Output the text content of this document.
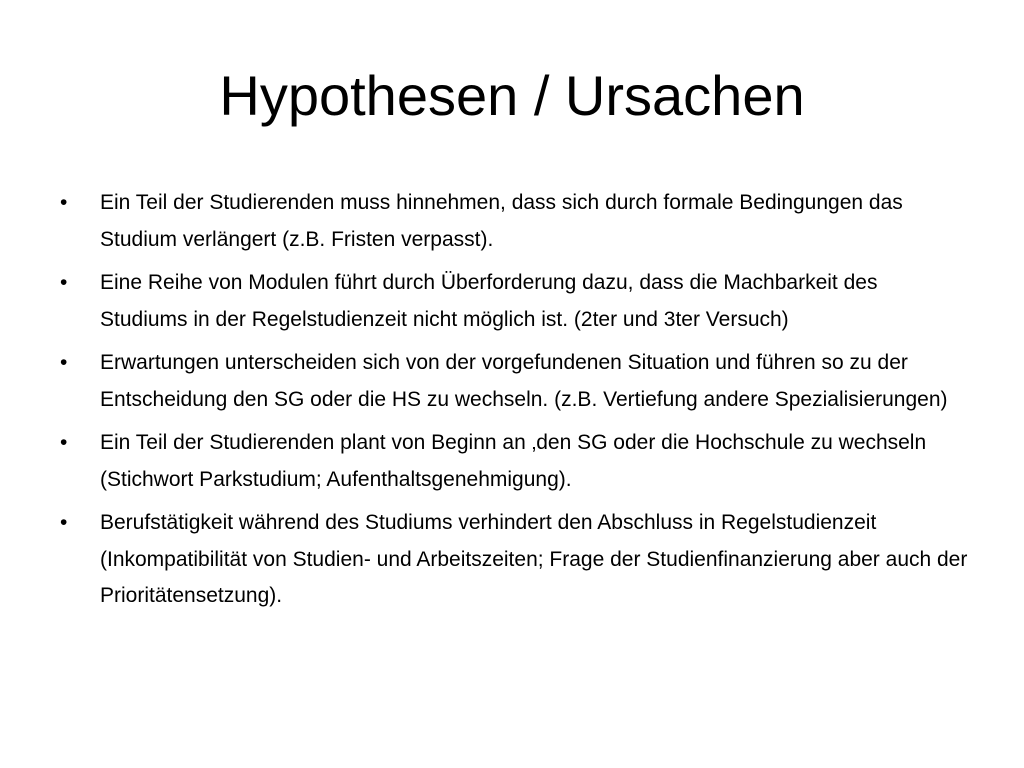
Hypothesen / Ursachen
•	Ein Teil der Studierenden muss hinnehmen, dass sich durch formale Bedingungen das Studium verlängert (z.B. Fristen verpasst).
•	Eine Reihe von Modulen führt durch Überforderung dazu, dass die Machbarkeit des Studiums in der Regelstudienzeit nicht möglich ist. (2ter und 3ter Versuch)
•	Erwartungen unterscheiden sich von der vorgefundenen Situation und führen so zu der Entscheidung den SG oder die HS zu wechseln. (z.B. Vertiefung andere Spezialisierungen)
•	Ein Teil der Studierenden plant von Beginn an ‚den SG oder die Hochschule zu wechseln (Stichwort Parkstudium; Aufenthaltsgenehmigung).
•	Berufstätigkeit während des Studiums verhindert den Abschluss in Regelstudienzeit (Inkompatibilität von Studien- und Arbeitszeiten; Frage der Studienfinanzierung aber auch der Prioritätensetzung).
